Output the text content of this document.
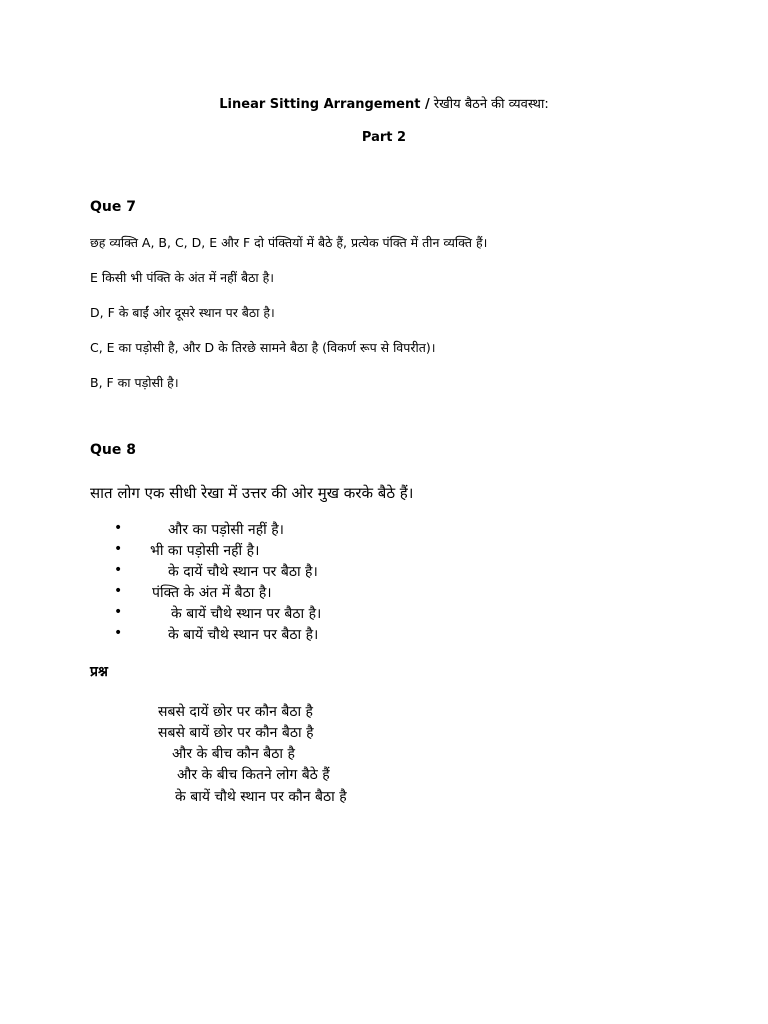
Linear Sitting Arrangement / रेखीय बैठने की व्यवस्था:
Part 2
Que 7
छह व्यक्ति A, B, C, D, E और F दो पंक्तियों में बैठे हैं, प्रत्येक पंक्ति में तीन व्यक्ति हैं।
E किसी भी पंक्ति के अंत में नहीं बैठा है।
D, F के बाईं ओर दूसरे स्थान पर बैठा है।
C, E का पड़ोसी है, और D के तिरछे सामने बैठा है (विकर्ण रूप से विपरीत)।
B, F का पड़ोसी है।
Que 8
सात लोग एक सीधी रेखा में उत्तर की ओर मुख करके बैठे हैं।
•	और का पड़ोसी नहीं है।
• भी का पड़ोसी नहीं है।
•	के दायें चौथे स्थान पर बैठा है।
• पंक्ति के अंत में बैठा है।
•	के बायें चौथे स्थान पर बैठा है।
•	के बायें चौथे स्थान पर बैठा है।
प्रश्न
सबसे दायें छोर पर कौन बैठा है
सबसे बायें छोर पर कौन बैठा है
और के बीच कौन बैठा है
और के बीच कितने लोग बैठे हैं
के बायें चौथे स्थान पर कौन बैठा है
